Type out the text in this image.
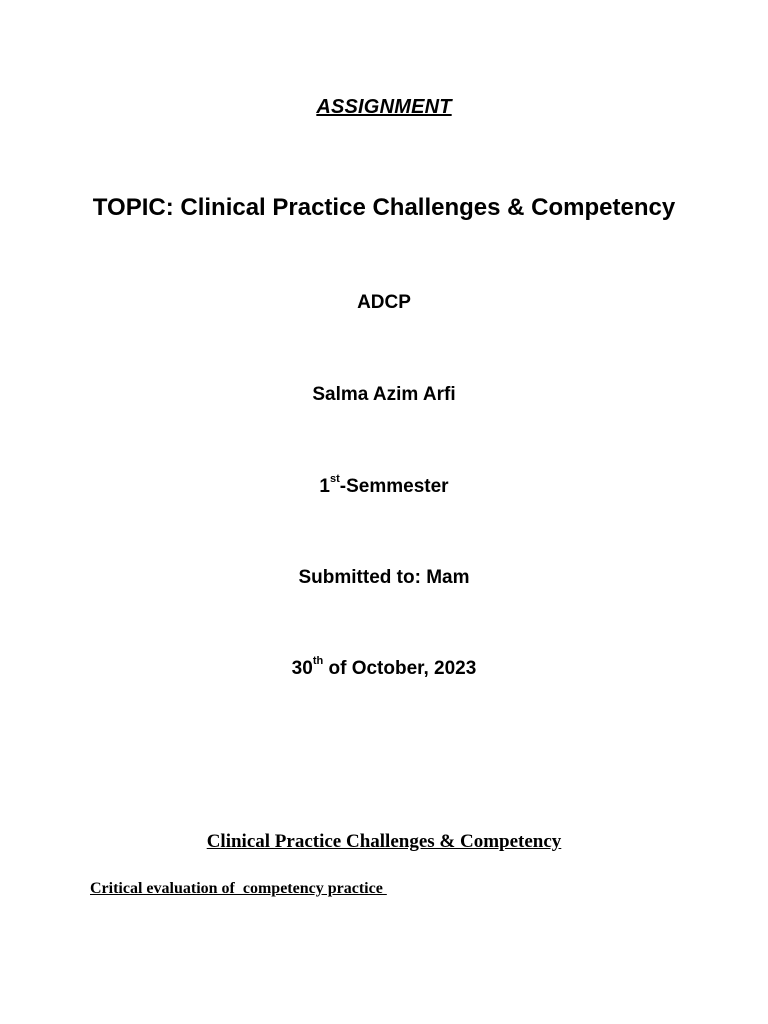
ASSIGNMENT
TOPIC: Clinical Practice Challenges & Competency
ADCP
Salma Azim Arfi
1st-Semmester
Submitted to: Mam
30th of October, 2023
Clinical Practice Challenges & Competency
Critical evaluation of  competency practice
